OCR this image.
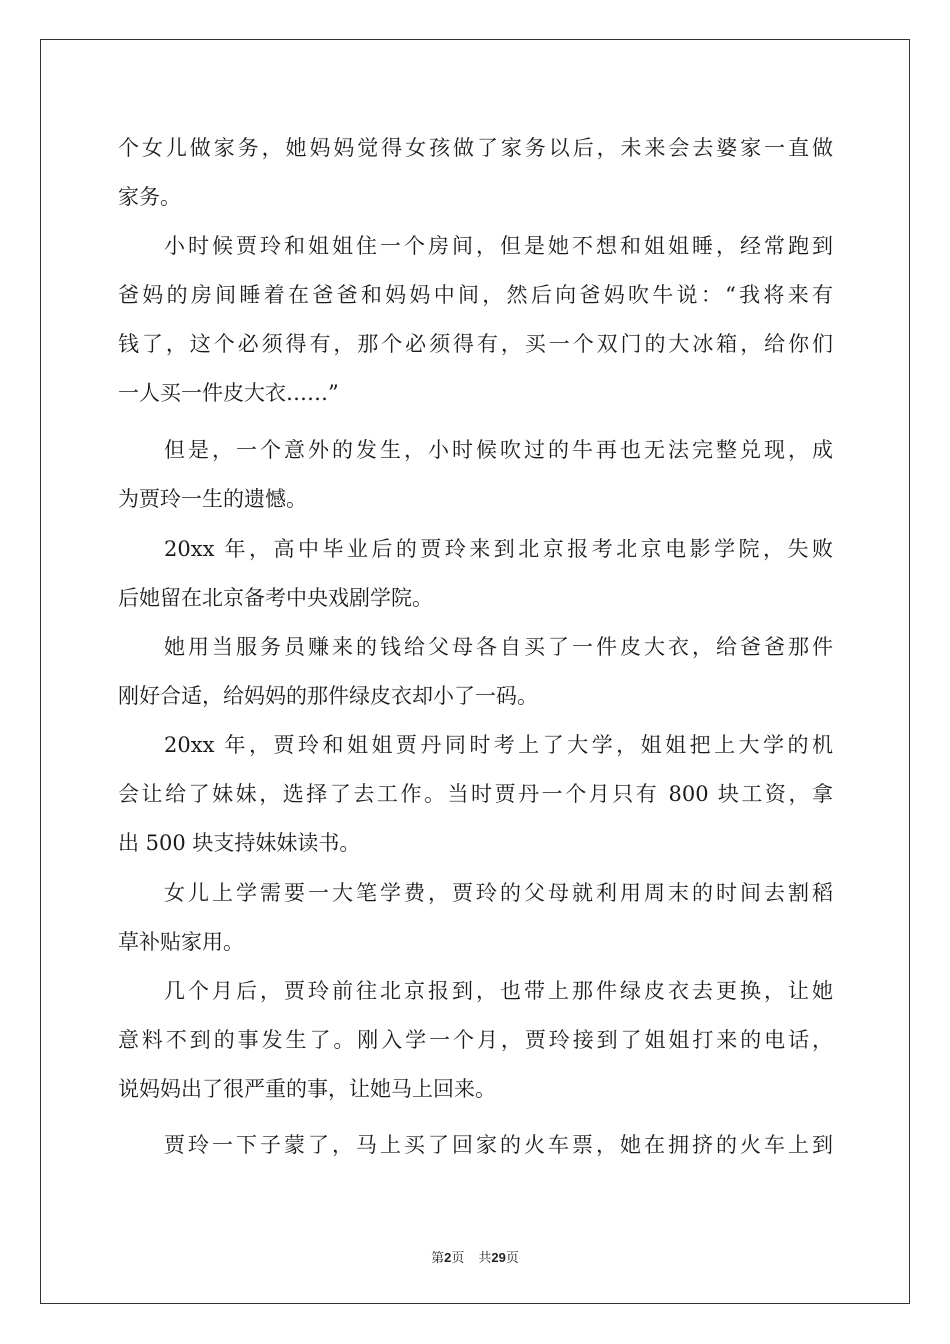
个女儿做家务，她妈妈觉得女孩做了家务以后，未来会去婆家一直做
家务。
小时候贾玲和姐姐住一个房间，但是她不想和姐姐睡，经常跑到
爸妈的房间睡着在爸爸和妈妈中间，然后向爸妈吹牛说：“我将来有
钱了，这个必须得有，那个必须得有，买一个双门的大冰箱，给你们
一人买一件皮大衣……”
但是，一个意外的发生，小时候吹过的牛再也无法完整兑现，成
为贾玲一生的遗憾。
20xx 年，高中毕业后的贾玲来到北京报考北京电影学院，失败
后她留在北京备考中央戏剧学院。
她用当服务员赚来的钱给父母各自买了一件皮大衣，给爸爸那件
刚好合适，给妈妈的那件绿皮衣却小了一码。
20xx 年，贾玲和姐姐贾丹同时考上了大学，姐姐把上大学的机
会让给了妹妹，选择了去工作。当时贾丹一个月只有 800 块工资，拿
出 500 块支持妹妹读书。
女儿上学需要一大笔学费，贾玲的父母就利用周末的时间去割稻
草补贴家用。
几个月后，贾玲前往北京报到，也带上那件绿皮衣去更换，让她
意料不到的事发生了。刚入学一个月，贾玲接到了姐姐打来的电话，
说妈妈出了很严重的事，让她马上回来。
贾玲一下子蒙了，马上买了回家的火车票，她在拥挤的火车上到
第2页 共29页
